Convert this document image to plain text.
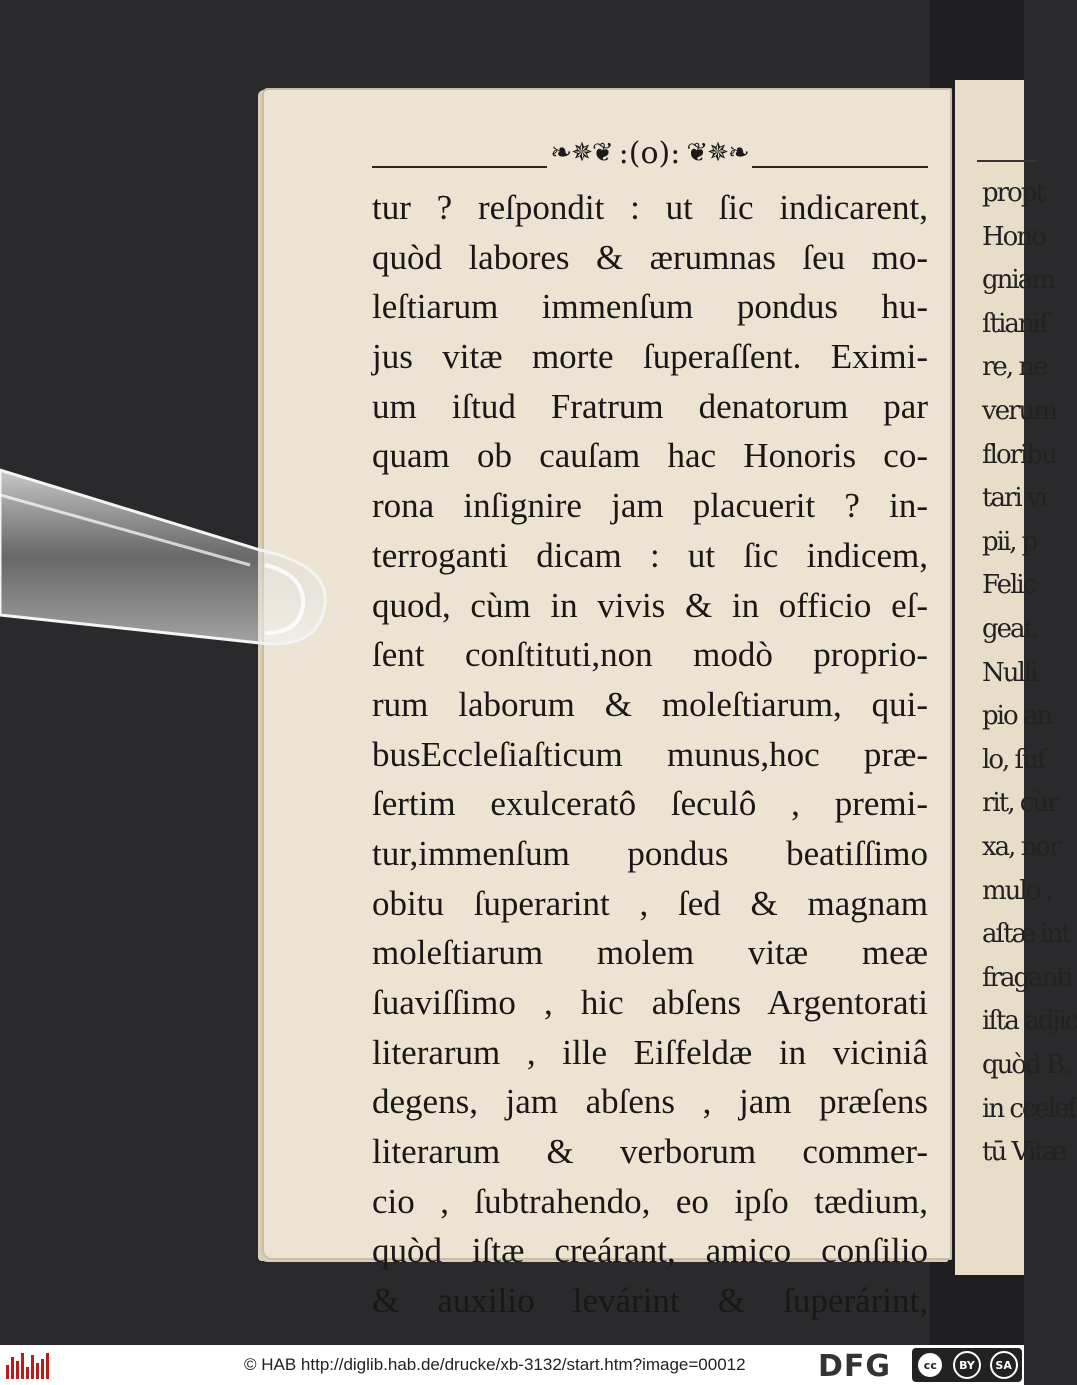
propt
Hono
gniam
ſtianiſ
re, ne
verum
floribu
tari vi
pii, p
Felic
geat.
Nulli
pio an
lo, ſuf
rit, cùr
xa, nor
mulo ,
aſtæ int
fraganti
iſta adjic
quòd B.
in cceleſ
tū Vitæ
❧✵❦ :(o): ❦✵❧
tur ? reſpondit : ut ſic indicarent,
quòd labores & ærumnas ſeu mo-
leſtiarum immenſum pondus hu-
jus vitæ morte ſuperaſſent. Eximi-
um iſtud Fratrum denatorum par
quam ob cauſam hac Honoris co-
rona inſignire jam placuerit ? in-
terroganti dicam : ut ſic indicem,
quod, cùm in vivis & in officio eſ-
ſent conſtituti,non modò proprio-
rum laborum & moleſtiarum, qui-
busEccleſiaſticum munus,hoc præ-
ſertim exulceratô ſeculô , premi-
tur,immenſum pondus beatiſſimo
obitu ſuperarint , ſed & magnam
moleſtiarum molem vitæ meæ
ſuaviſſimo , hic abſens Argentorati
literarum , ille Eiſfeldæ in viciniâ
degens, jam abſens , jam præſens
literarum & verborum commer-
cio , ſubtrahendo, eo ipſo tædium,
quòd iſtæ creárant, amico conſilio
& auxilio levárint & ſuperárint,
© HAB http://diglib.hab.de/drucke/xb-3132/start.htm?image=00012 DFG	cc	BY	SA
